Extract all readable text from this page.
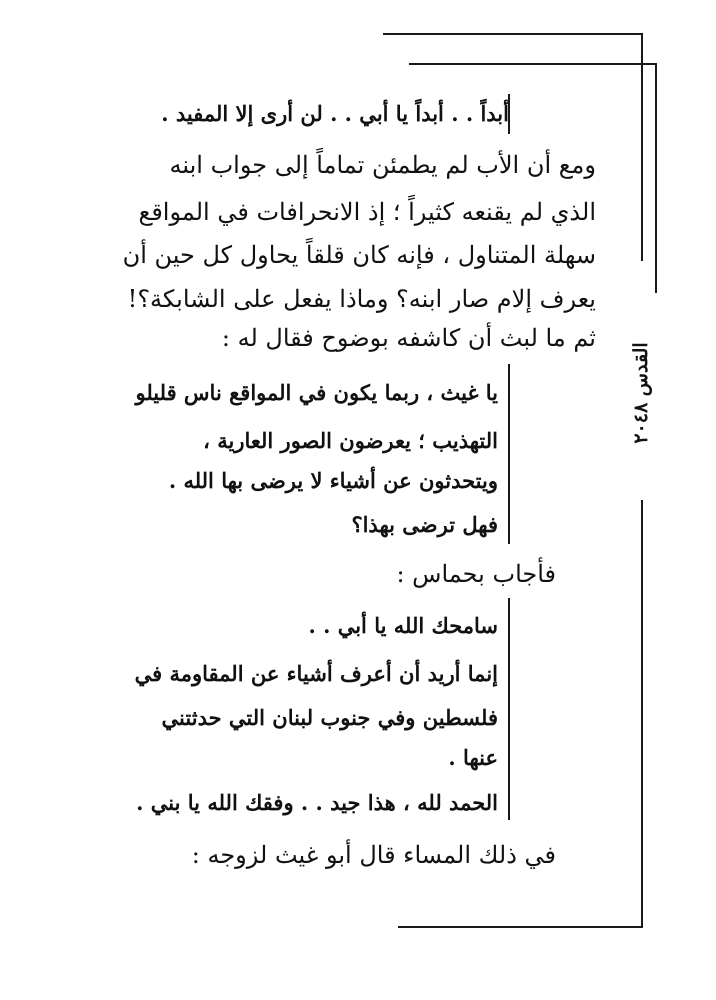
القدس ٢٠٤٨
أبداً . . أبداً يا أبي . . لن أرى إلا المفيد .
ومع أن الأب لم يطمئن تماماً إلى جواب ابنه
الذي لم يقنعه كثيراً ؛ إذ الانحرافات في المواقع
سهلة المتناول ، فإنه كان قلقاً يحاول كل حين أن
يعرف إلام صار ابنه؟ وماذا يفعل على الشابكة؟!
ثم ما لبث أن كاشفه بوضوح فقال له :
يا غيث ، ربما يكون في المواقع ناس قليلو
التهذيب ؛ يعرضون الصور العارية ،
ويتحدثون عن أشياء لا يرضى بها الله .
فهل ترضى بهذا؟
فأجاب بحماس :
سامحك الله يا أبي . .
إنما أريد أن أعرف أشياء عن المقاومة في
فلسطين وفي جنوب لبنان التي حدثتني
عنها .
الحمد لله ، هذا جيد . . وفقك الله يا بني .
في ذلك المساء قال أبو غيث لزوجه :
